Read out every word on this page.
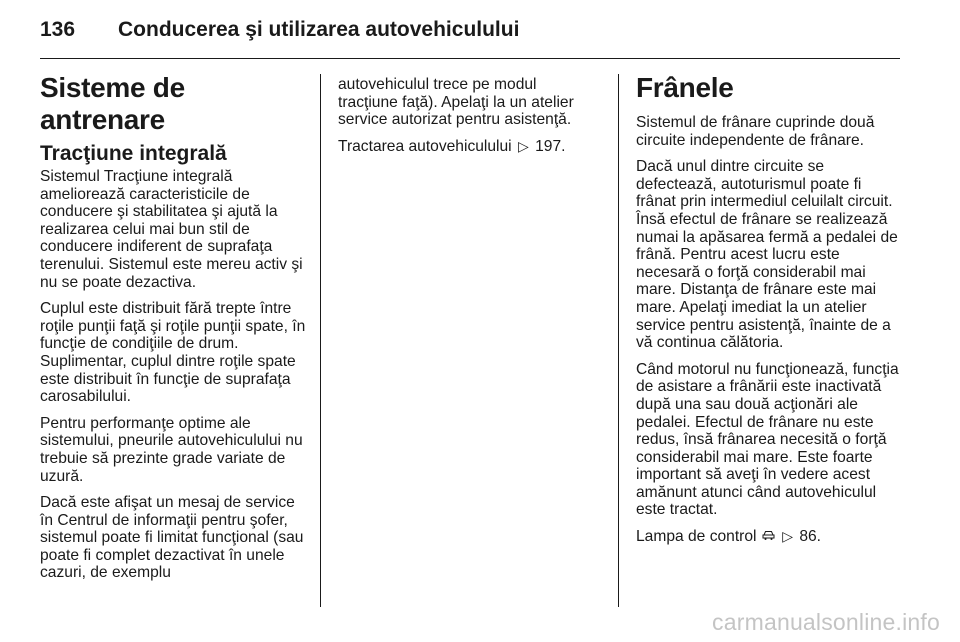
136 Conducerea şi utilizarea autovehiculului
Sisteme de antrenare
Tracţiune integrală

Sistemul Tracţiune integrală ameliorează caracteristicile de conducere şi stabilitatea şi ajută la realizarea celui mai bun stil de conducere indiferent de suprafaţa terenului. Sistemul este mereu activ şi nu se poate dezactiva.

Cuplul este distribuit fără trepte între roţile punţii faţă şi roţile punţii spate, în funcţie de condiţiile de drum. Suplimentar, cuplul dintre roţile spate este distribuit în funcţie de suprafaţa carosabilului.

Pentru performanţe optime ale sistemului, pneurile autovehiculului nu trebuie să prezinte grade variate de uzură.

Dacă este afişat un mesaj de service în Centrul de informaţii pentru şofer, sistemul poate fi limitat funcţional (sau poate fi complet dezactivat în unele cazuri, de exemplu

autovehiculul trece pe modul tracţiune faţă). Apelaţi la un atelier service autorizat pentru asistenţă.

Tractarea autovehiculului ▷ 197.

Frânele

Sistemul de frânare cuprinde două circuite independente de frânare.

Dacă unul dintre circuite se defectează, autoturismul poate fi frânat prin intermediul celuilalt circuit. Însă efectul de frânare se realizează numai la apăsarea fermă a pedalei de frână. Pentru acest lucru este necesară o forţă considerabil mai mare. Distanţa de frânare este mai mare. Apelaţi imediat la un atelier service pentru asistenţă, înainte de a vă continua călătoria.

Când motorul nu funcţionează, funcţia de asistare a frânării este inactivată după una sau două acţionări ale pedalei. Efectul de frânare nu este redus, însă frânarea necesită o forţă considerabil mai mare. Este foarte important să aveţi în vedere acest amănunt atunci când autovehiculul este tractat.

Lampa de control ▷ 86.

carmanualsonline.info
